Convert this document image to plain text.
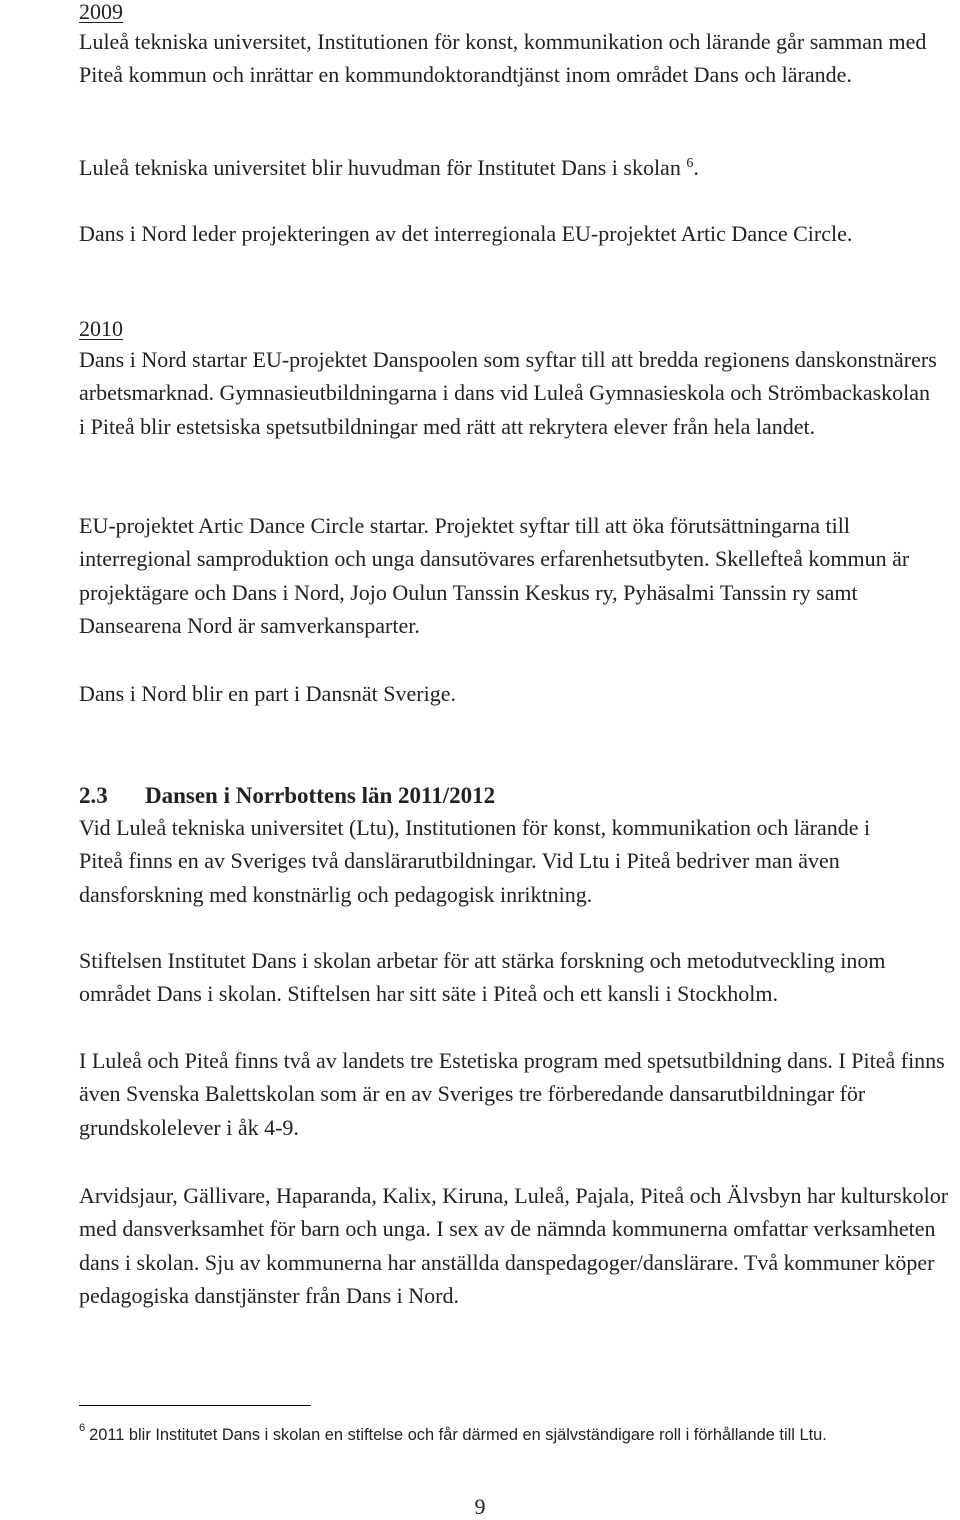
2009

Luleå tekniska universitet, Institutionen för konst, kommunikation och lärande går samman med Piteå kommun och inrättar en kommundoktorandtjänst inom området Dans och lärande.

Luleå tekniska universitet blir huvudman för Institutet Dans i skolan $^6$.

Dans i Nord leder projekteringen av det interregionala EU-projektet Artic Dance Circle.

2010

Dans i Nord startar EU-projektet Danspoolen som syftar till att bredda regionens danskonstnärers arbetsmarknad. Gymnasieutbildningarna i dans vid Luleå Gymnasieskola och Strömbackaskolan i Piteå blir estetsiska spetsutbildningar med rätt att rekrytera elever från hela landet.

EU-projektet Artic Dance Circle startar. Projektet syftar till att öka förutsättningarna till interregional samproduktion och unga dansutövares erfarenhetsutbyten. Skellefteå kommun är projektägare och Dans i Nord, Jojo Oulun Tanssin Keskus ry, Pyhäsalmi Tanssin ry samt Dansearena Nord är samverkansparter.

Dans i Nord blir en part i Dansnät Sverige.

2.3 Dansen i Norrbottens län 2011/2012

Vid Luleå tekniska universitet (Ltu), Institutionen för konst, kommunikation och lärande i Piteå finns en av Sveriges två danslärarutbildningar. Vid Ltu i Piteå bedriver man även dansforskning med konstnärlig och pedagogisk inriktning.

Stiftelsen Institutet Dans i skolan arbetar för att stärka forskning och metodutveckling inom området Dans i skolan. Stiftelsen har sitt säte i Piteå och ett kansli i Stockholm.

I Luleå och Piteå finns två av landets tre Estetiska program med spetsutbildning dans. I Piteå finns även Svenska Balettskolan som är en av Sveriges tre förberedande dansarutbildningar för grundskolelever i åk 4-9.

Arvidsjaur, Gällivare, Haparanda, Kalix, Kiruna, Luleå, Pajala, Piteå och Älvsbyn har kulturskolor med dansverksamhet för barn och unga. I sex av de nämnda kommunerna omfattar verksamheten dans i skolan. Sju av kommunerna har anställda danspedagoger/danslärare. Två kommuner köper pedagogiska danstjänster från Dans i Nord.

$^6$ 2011 blir Institutet Dans i skolan en stiftelse och får därmed en självständigare roll i förhållande till Ltu.

9
